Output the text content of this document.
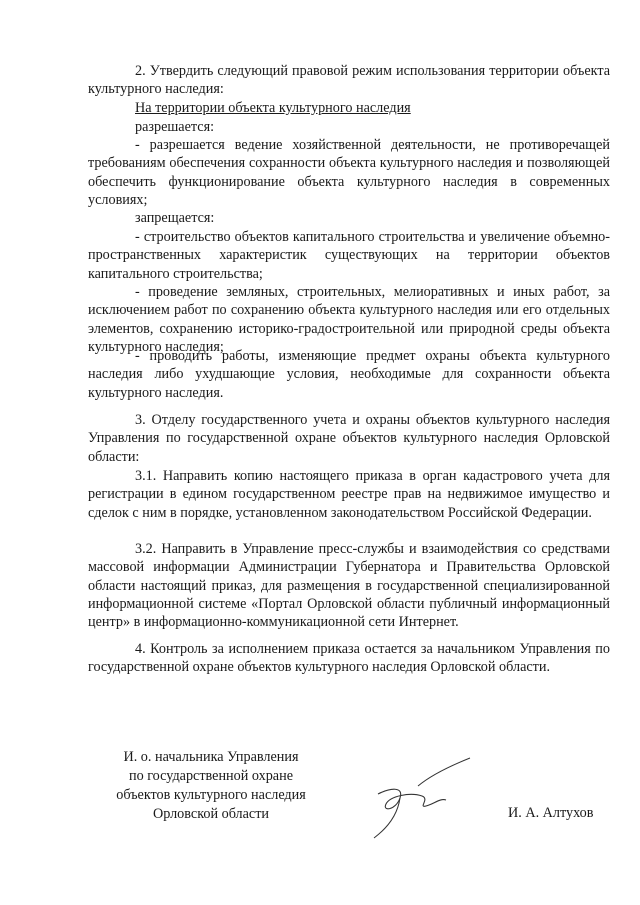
2. Утвердить следующий правовой режим использования территории объекта культурного наследия:

На территории объекта культурного наследия

разрешается:

- разрешается ведение хозяйственной деятельности, не противоречащей требованиям обеспечения сохранности объекта культурного наследия и позволяющей обеспечить функционирование объекта культурного наследия в современных условиях;

запрещается:

- строительство объектов капитального строительства и увеличение объемно-пространственных характеристик существующих на территории объектов капитального строительства;

- проведение земляных, строительных, мелиоративных и иных работ, за исключением работ по сохранению объекта культурного наследия или его отдельных элементов, сохранению историко-градостроительной или природной среды объекта культурного наследия;

- проводить работы, изменяющие предмет охраны объекта культурного наследия либо ухудшающие условия, необходимые для сохранности объекта культурного наследия.

3. Отделу государственного учета и охраны объектов культурного наследия Управления по государственной охране объектов культурного наследия Орловской области:

3.1. Направить копию настоящего приказа в орган кадастрового учета для регистрации в едином государственном реестре прав на недвижимое имущество и сделок с ним в порядке, установленном законодательством Российской Федерации.

3.2. Направить в Управление пресс-службы и взаимодействия со средствами массовой информации Администрации Губернатора и Правительства Орловской области настоящий приказ, для размещения в государственной специализированной информационной системе «Портал Орловской области публичный информационный центр» в информационно-коммуникационной сети Интернет.

4. Контроль за исполнением приказа остается за начальником Управления по государственной охране объектов культурного наследия Орловской области.

И. о. начальника Управления
по государственной охране
объектов культурного наследия
Орловской области	И. А. Алтухов
